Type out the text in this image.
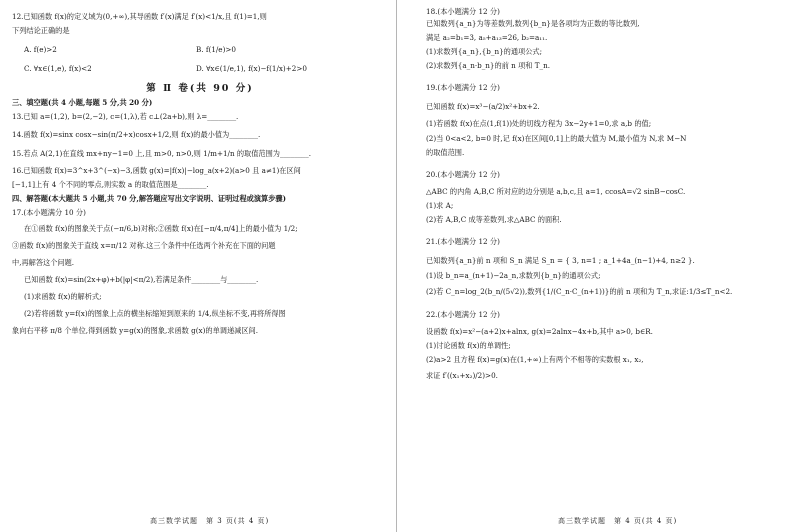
12.已知函数 f(x)的定义域为(0,+∞),其导函数 f′(x)满足 f′(x)<1/x,且 f(1)=1,则
下列结论正确的是
A. f(e)>2	B. f(1/e)>0
C. ∀x∈(1,e), f(x)<2	D. ∀x∈(1/e,1), f(x)−f(1/x)+2>0
第 Ⅱ 卷(共 90 分)
三、填空题(共 4 小题,每题 5 分,共 20 分)
13.已知 a=(1,2), b=(2,−2), c=(1,λ),若 c⊥(2a+b),则 λ=________.
14.函数 f(x)=sinx cosx−sin(π/2+x)cosx+1/2,则 f(x)的最小值为________.
15.若点 A(2,1)在直线 mx+ny−1=0 上,且 m>0, n>0,则 1/m+1/n 的取值范围为________.
16.已知函数 f(x)=3^x+3^(−x)−3,函数 g(x)=|f(x)|−log_a(x+2)(a>0 且 a≠1)在区间
[−1,1]上有 4 个不同的零点,则实数 a 的取值范围是________.
四、解答题(本大题共 5 小题,共 70 分,解答题应写出文字说明、证明过程或演算步骤)
17.(本小题满分 10 分)
在①函数 f(x)的图象关于点(−π/6,b)对称;②函数 f(x)在[−π/4,π/4]上的最小值为 1/2;
③函数 f(x)的图象关于直线 x=π/12 对称.这三个条件中任选两个补充在下面的问题
中,再解答这个问题.
已知函数 f(x)=sin(2x+φ)+b(|φ|<π/2),若满足条件________与________.
(1)求函数 f(x)的解析式;
(2)若将函数 y=f(x)的图象上点的横坐标缩短到原来的 1/4,纵坐标不变,再将所得图
象向右平移 π/8 个单位,得到函数 y=g(x)的图象,求函数 g(x)的单调递减区间.
高三数学试题　第 3 页(共 4 页)
18.(本小题满分 12 分)
已知数列{a_n}为等差数列,数列{b_n}是各项均为正数的等比数列,
满足 a₂=b₁=3, a₅+a₁₃=26, b₂=a₁₁.
(1)求数列{a_n},{b_n}的通项公式;
(2)求数列{a_n·b_n}的前 n 项和 T_n.
19.(本小题满分 12 分)
已知函数 f(x)=x³−(a/2)x²+bx+2.
(1)若函数 f(x)在点(1,f(1))处的切线方程为 3x−2y+1=0,求 a,b 的值;
(2)当 0<a<2, b=0 时,记 f(x)在区间[0,1]上的最大值为 M,最小值为 N,求 M−N
的取值范围.
20.(本小题满分 12 分)
△ABC 的内角 A,B,C 所对应的边分别是 a,b,c,且 a=1, ccosA=√2 sinB−cosC.
(1)求 A;
(2)若 A,B,C 成等差数列,求△ABC 的面积.
21.(本小题满分 12 分)
已知数列{a_n}前 n 项和 S_n 满足 S_n = { 3, n=1 ; a_1+4a_(n−1)+4, n≥2 }.
(1)设 b_n=a_(n+1)−2a_n,求数列{b_n}的通项公式;
(2)若 C_n=log_2(b_n/(5√2)),数列{1/(C_n·C_(n+1))}的前 n 项和为 T_n,求证:1/3≤T_n<2.
22.(本小题满分 12 分)
设函数 f(x)=x²−(a+2)x+alnx, g(x)=2alnx−4x+b,其中 a>0, b∈R.
(1)讨论函数 f(x)的单调性;
(2)a>2 且方程 f(x)=g(x)在(1,+∞)上有两个不相等的实数根 x₁, x₂,
求证 f′((x₁+x₂)/2)>0.
高三数学试题　第 4 页(共 4 页)
